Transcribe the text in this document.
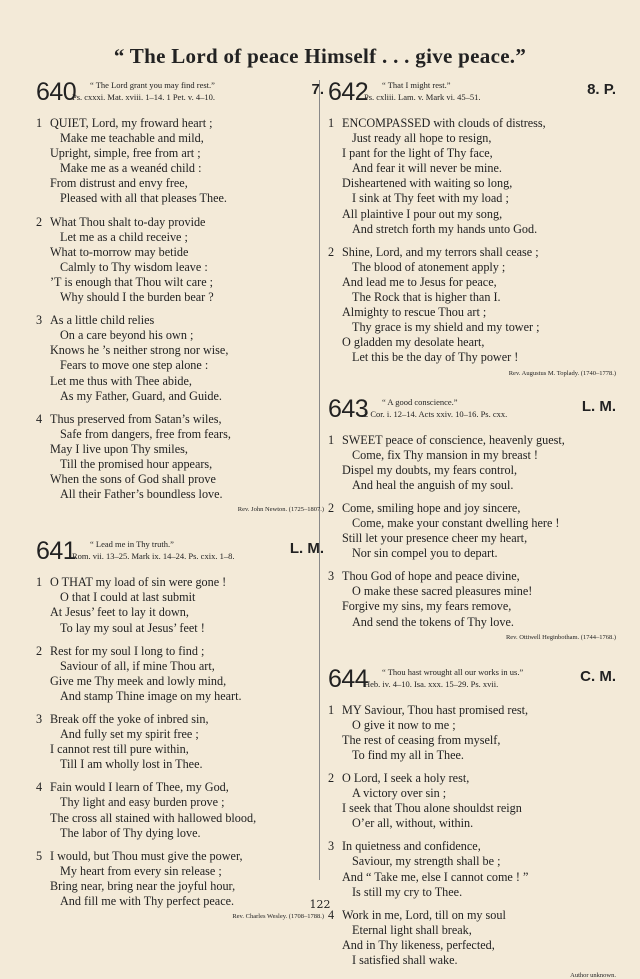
“ The Lord of peace Himself . . . give peace.”
640 “ The Lord grant you may find rest.”
Ps. cxxxi. Mat. xviii. 1–14. 1 Pet. v. 4–10.	7.
1 QUIET, Lord, my froward heart ;
Make me teachable and mild,
Upright, simple, free from art ;
Make me as a weanéd child :
From distrust and envy free,
Pleased with all that pleases Thee.
2 What Thou shalt to-day provide
Let me as a child receive ;
What to-morrow may betide
Calmly to Thy wisdom leave :
’T is enough that Thou wilt care ;
Why should I the burden bear ?
3 As a little child relies
On a care beyond his own ;
Knows he ’s neither strong nor wise,
Fears to move one step alone :
Let me thus with Thee abide,
As my Father, Guard, and Guide.
4 Thus preserved from Satan’s wiles,
Safe from dangers, free from fears,
May I live upon Thy smiles,
Till the promised hour appears,
When the sons of God shall prove
All their Father’s boundless love.
Rev. John Newton. (1725–1807.)
641 “ Lead me in Thy truth.”
Rom. vii. 13–25. Mark ix. 14–24. Ps. cxix. 1–8.	L. M.
1 O THAT my load of sin were gone !
O that I could at last submit
At Jesus’ feet to lay it down,
To lay my soul at Jesus’ feet !
2 Rest for my soul I long to find ;
Saviour of all, if mine Thou art,
Give me Thy meek and lowly mind,
And stamp Thine image on my heart.
3 Break off the yoke of inbred sin,
And fully set my spirit free ;
I cannot rest till pure within,
Till I am wholly lost in Thee.
4 Fain would I learn of Thee, my God,
Thy light and easy burden prove ;
The cross all stained with hallowed blood,
The labor of Thy dying love.
5 I would, but Thou must give the power,
My heart from every sin release ;
Bring near, bring near the joyful hour,
And fill me with Thy perfect peace.
Rev. Charles Wesley. (1708–1788.)
642 “ That I might rest.”
Ps. cxliii. Lam. v. Mark vi. 45–51.	8. P.
1 ENCOMPASSED with clouds of distress,
Just ready all hope to resign,
I pant for the light of Thy face,
And fear it will never be mine.
Disheartened with waiting so long,
I sink at Thy feet with my load ;
All plaintive I pour out my song,
And stretch forth my hands unto God.
2 Shine, Lord, and my terrors shall cease ;
The blood of atonement apply ;
And lead me to Jesus for peace,
The Rock that is higher than I.
Almighty to rescue Thou art ;
Thy grace is my shield and my tower ;
O gladden my desolate heart,
Let this be the day of Thy power !
Rev. Augustus M. Toplady. (1740–1778.)
643 “ A good conscience.”
2 Cor. i. 12–14. Acts xxiv. 10–16. Ps. cxx.	L. M.
1 SWEET peace of conscience, heavenly guest,
Come, fix Thy mansion in my breast !
Dispel my doubts, my fears control,
And heal the anguish of my soul.
2 Come, smiling hope and joy sincere,
Come, make your constant dwelling here !
Still let your presence cheer my heart,
Nor sin compel you to depart.
3 Thou God of hope and peace divine,
O make these sacred pleasures mine!
Forgive my sins, my fears remove,
And send the tokens of Thy love.
Rev. Ottiwell Heginbotham. (1744–1768.)
644 “ Thou hast wrought all our works in us.”
Heb. iv. 4–10. Isa. xxx. 15–29. Ps. xvii.	C. M.
1 MY Saviour, Thou hast promised rest,
O give it now to me ;
The rest of ceasing from myself,
To find my all in Thee.
2 O Lord, I seek a holy rest,
A victory over sin ;
I seek that Thou alone shouldst reign
O’er all, without, within.
3 In quietness and confidence,
Saviour, my strength shall be ;
And “ Take me, else I cannot come ! ”
Is still my cry to Thee.
4 Work in me, Lord, till on my soul
Eternal light shall break,
And in Thy likeness, perfected,
I satisfied shall wake.
Author unknown.
122
